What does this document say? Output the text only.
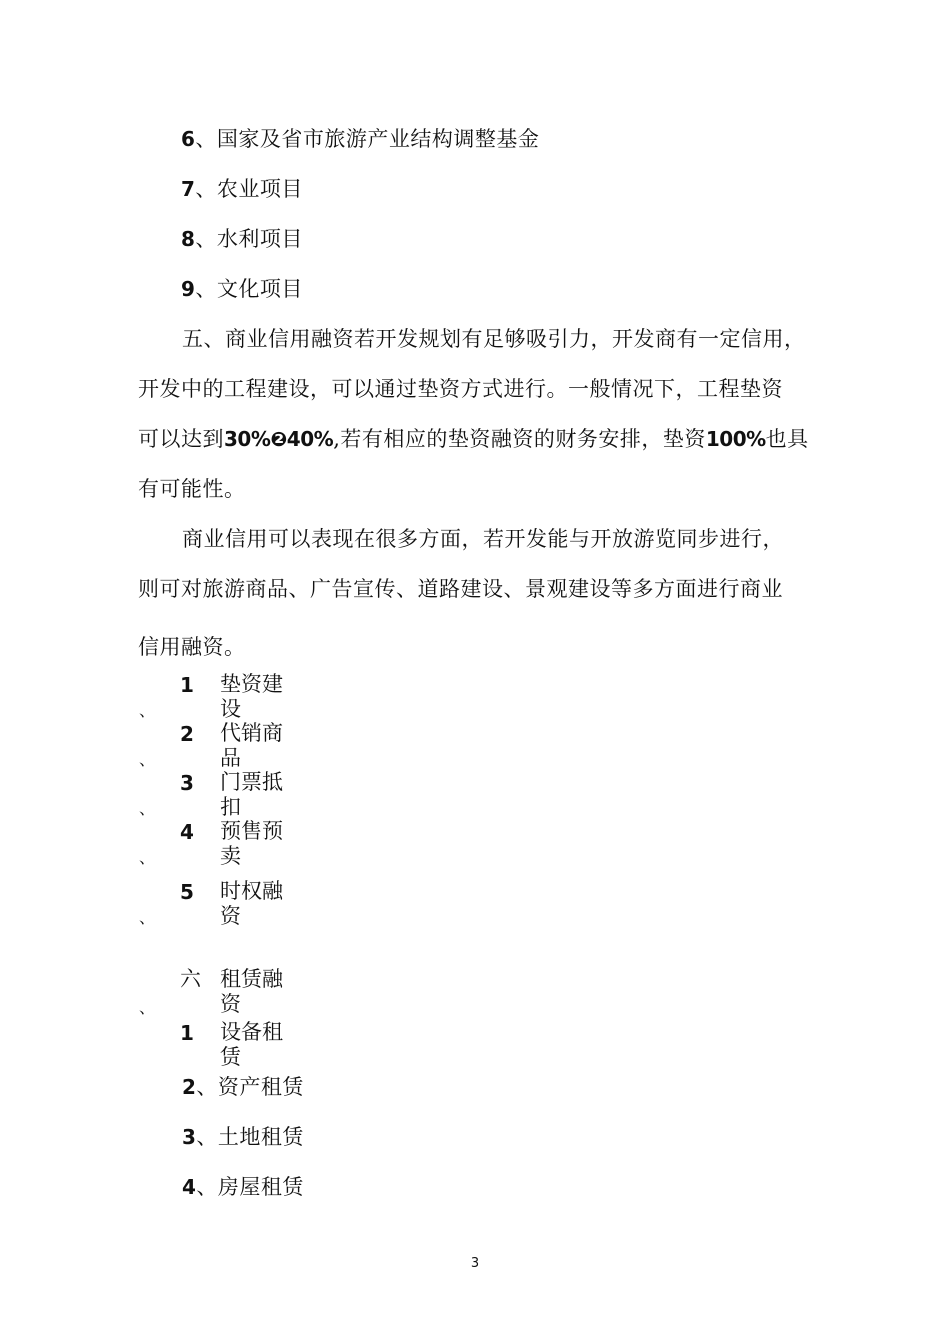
6、国家及省市旅游产业结构调整基金
7、农业项目
8、水利项目
9、文化项目
五、商业信用融资若开发规划有足够吸引力，开发商有一定信用，
开发中的工程建设，可以通过垫资方式进行。一般情况下，工程垫资
可以达到30%❷40%,若有相应的垫资融资的财务安排，垫资100%也具
有可能性。
商业信用可以表现在很多方面，若开发能与开放游览同步进行，
则可对旅游商品、广告宣传、道路建设、景观建设等多方面进行商业
信用融资。
1
、
垫资建设
2
、
代销商品
3
、
门票抵扣
4
、
预售预卖
5
、
时权融资
六
、
租赁融资
1 设备租赁
2、资产租赁
3、土地租赁
4、房屋租赁
3
